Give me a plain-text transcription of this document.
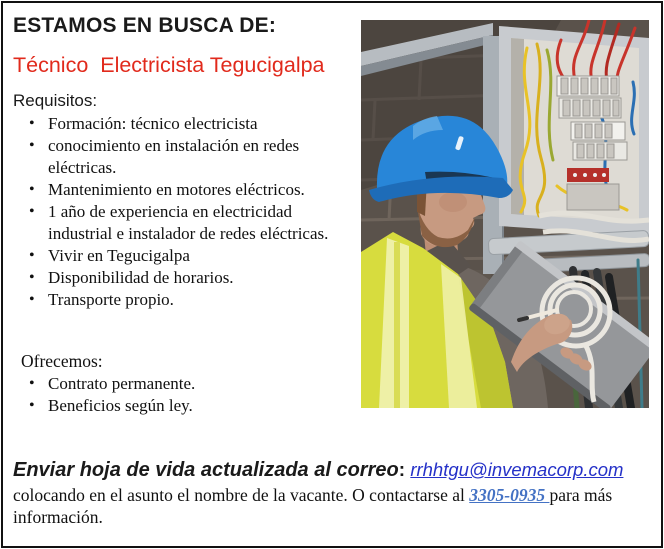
ESTAMOS EN BUSCA DE:
Técnico  Electricista Tegucigalpa
Requisitos:
• Formación: técnico electricista
• conocimiento en instalación en redes eléctricas.
• Mantenimiento en motores eléctricos.
• 1 año de experiencia en electricidad industrial e instalador de redes eléctricas.
• Vivir en Tegucigalpa
• Disponibilidad de horarios.
• Transporte propio.
Ofrecemos:
• Contrato permanente.
• Beneficios según ley.

Enviar hoja de vida actualizada al correo: rrhhtgu@invemacorp.com

colocando en el asunto el nombre de la vacante. O contactarse al 3305-0935 para más información.
